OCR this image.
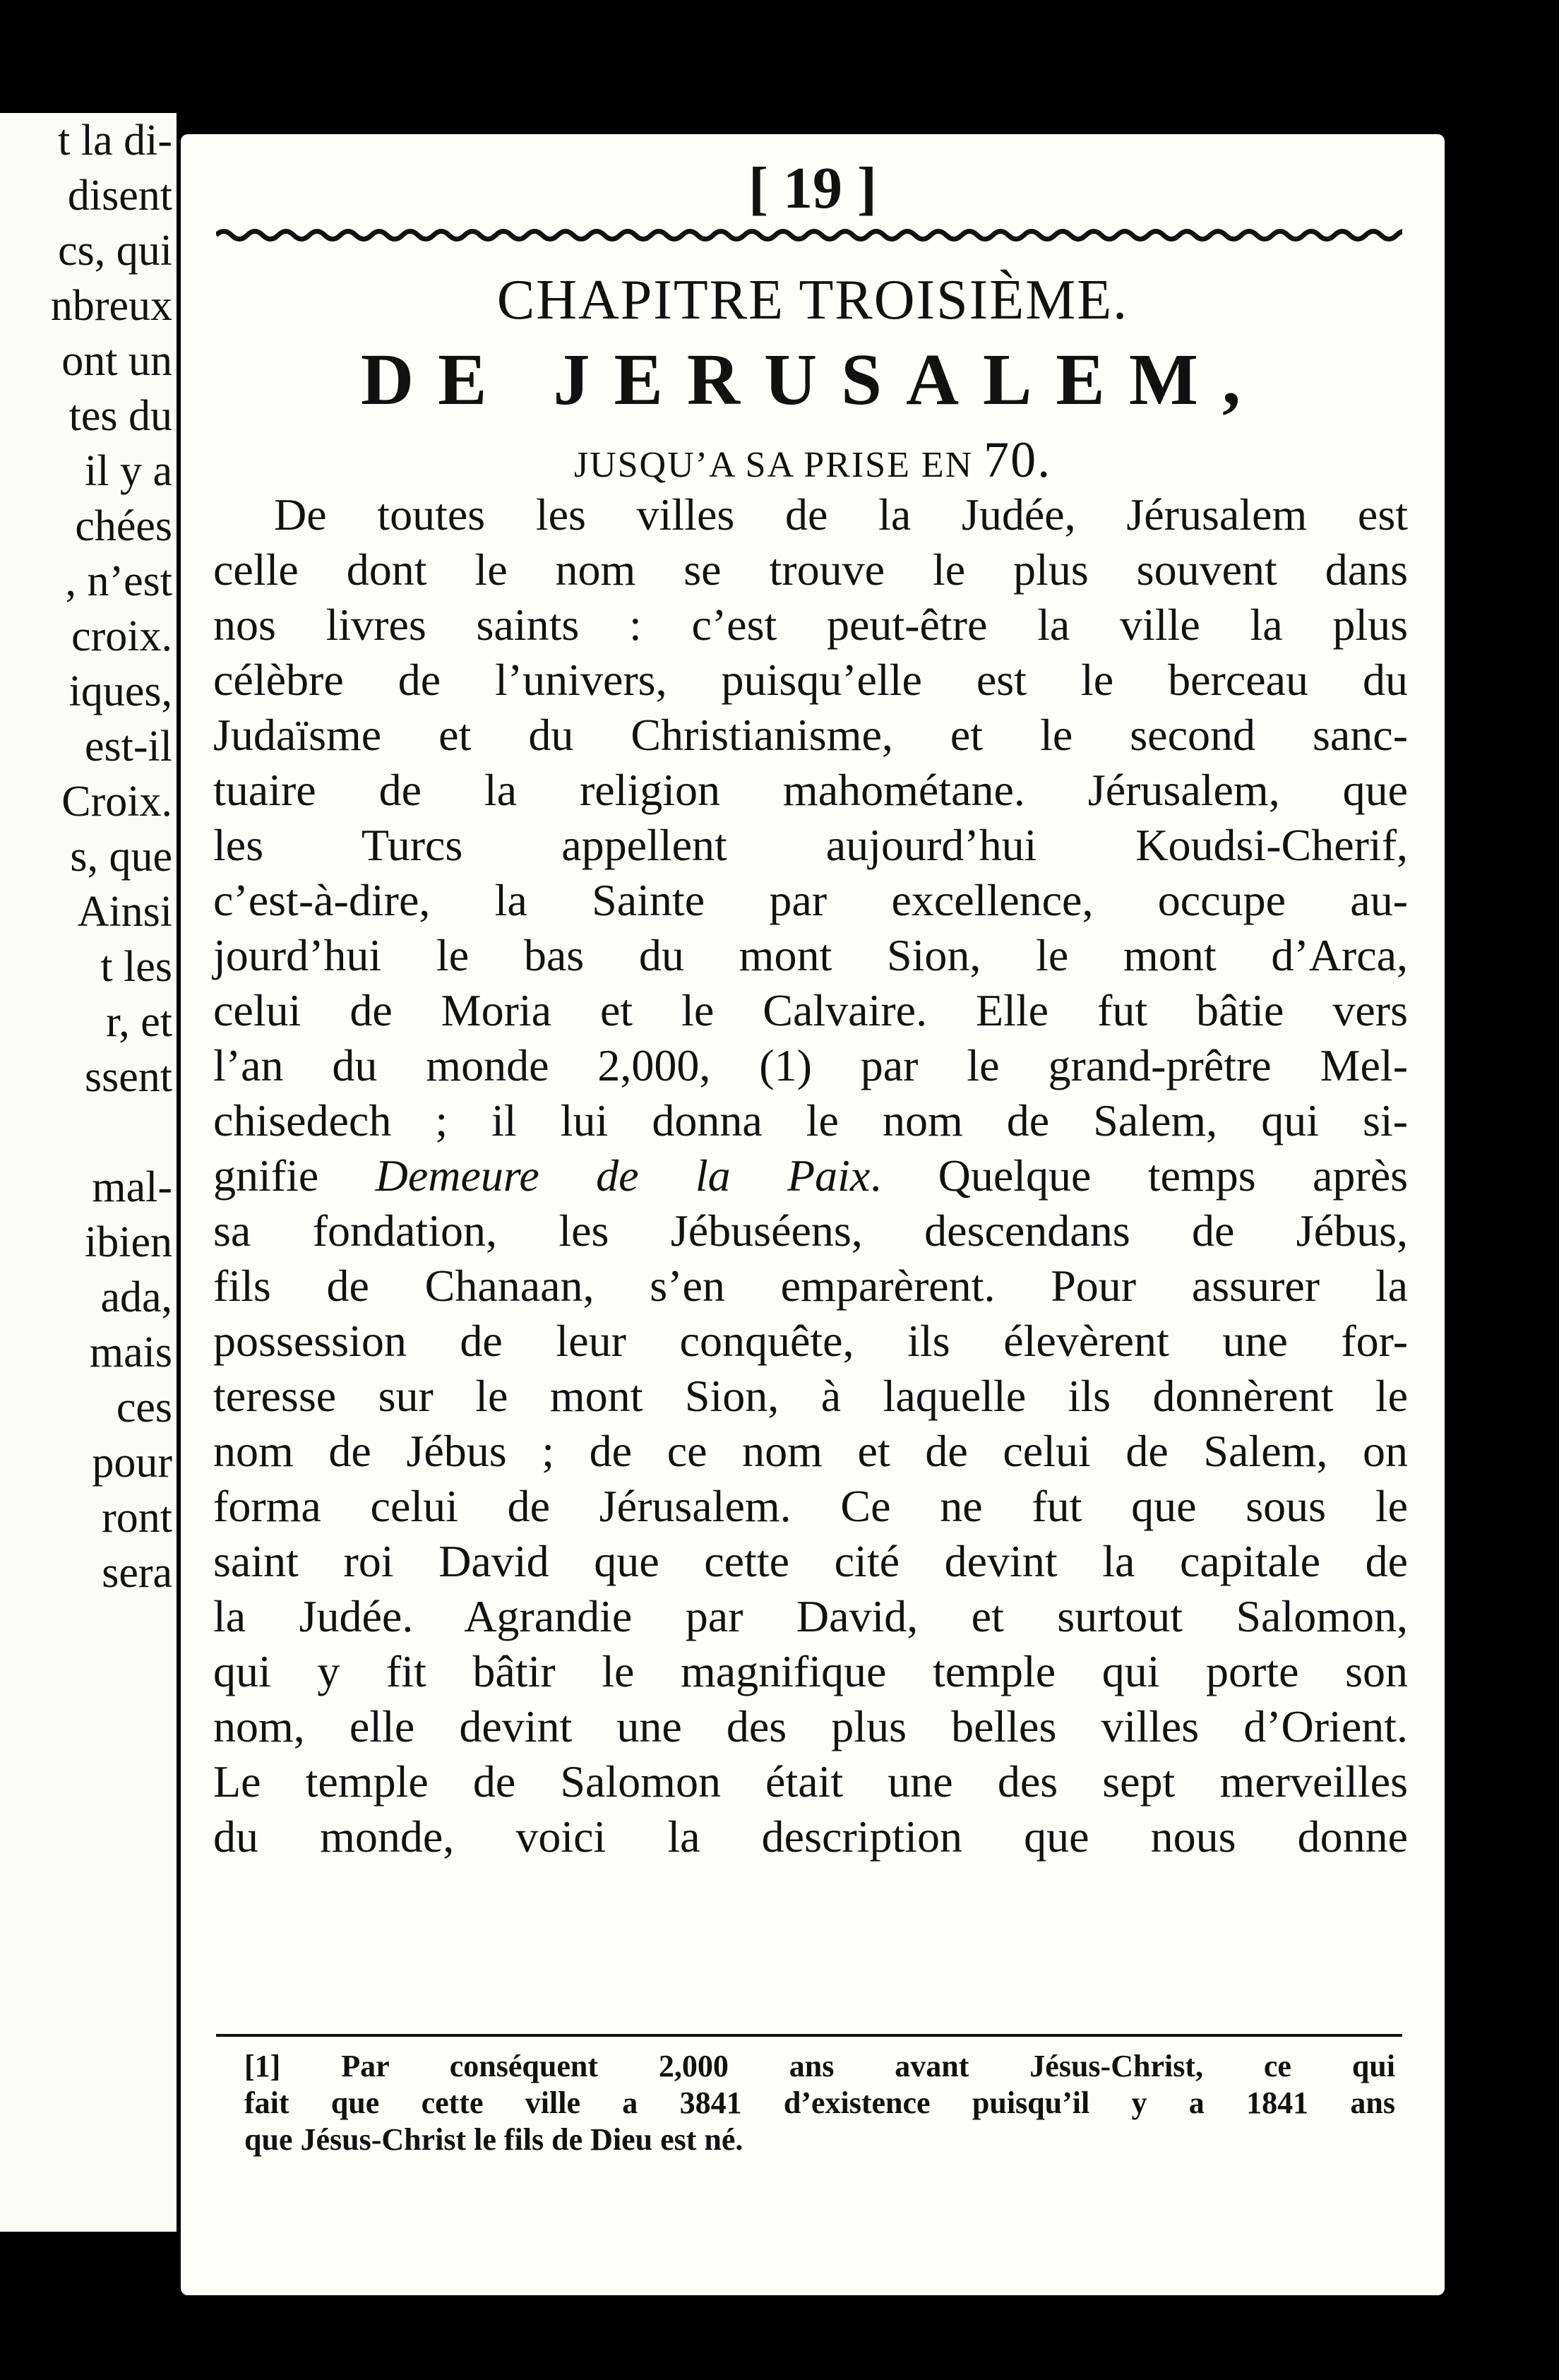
t la di-
disent
cs, qui
nbreux
ont un
tes du
il y a
chées
, n’est
croix.
iques,
est-il
Croix.
s, que
Ainsi
t les
r, et
ssent
mal-
ibien
ada,
mais
ces
pour
ront
sera
[ 19 ]
CHAPITRE TROISIÈME.
DE JERUSALEM,
JUSQU’A SA PRISE EN 70.
De toutes les villes de la Judée, Jérusalem est
celle dont le nom se trouve le plus souvent dans
nos livres saints : c’est peut-être la ville la plus
célèbre de l’univers, puisqu’elle est le berceau du
Judaïsme et du Christianisme, et le second sanc-
tuaire de la religion mahométane. Jérusalem, que
les Turcs appellent aujourd’hui Koudsi-Cherif,
c’est-à-dire, la Sainte par excellence, occupe au-
jourd’hui le bas du mont Sion, le mont d’Arca,
celui de Moria et le Calvaire. Elle fut bâtie vers
l’an du monde 2,000, (1) par le grand-prêtre Mel-
chisedech ; il lui donna le nom de Salem, qui si-
gnifie Demeure de la Paix. Quelque temps après
sa fondation, les Jébuséens, descendans de Jébus,
fils de Chanaan, s’en emparèrent. Pour assurer la
possession de leur conquête, ils élevèrent une for-
teresse sur le mont Sion, à laquelle ils donnèrent le
nom de Jébus ; de ce nom et de celui de Salem, on
forma celui de Jérusalem. Ce ne fut que sous le
saint roi David que cette cité devint la capitale de
la Judée. Agrandie par David, et surtout Salomon,
qui y fit bâtir le magnifique temple qui porte son
nom, elle devint une des plus belles villes d’Orient.
Le temple de Salomon était une des sept merveilles
du monde, voici la description que nous donne
[1] Par conséquent 2,000 ans avant Jésus-Christ, ce qui
fait que cette ville a 3841 d’existence puisqu’il y a 1841 ans
que Jésus-Christ le fils de Dieu est né.
